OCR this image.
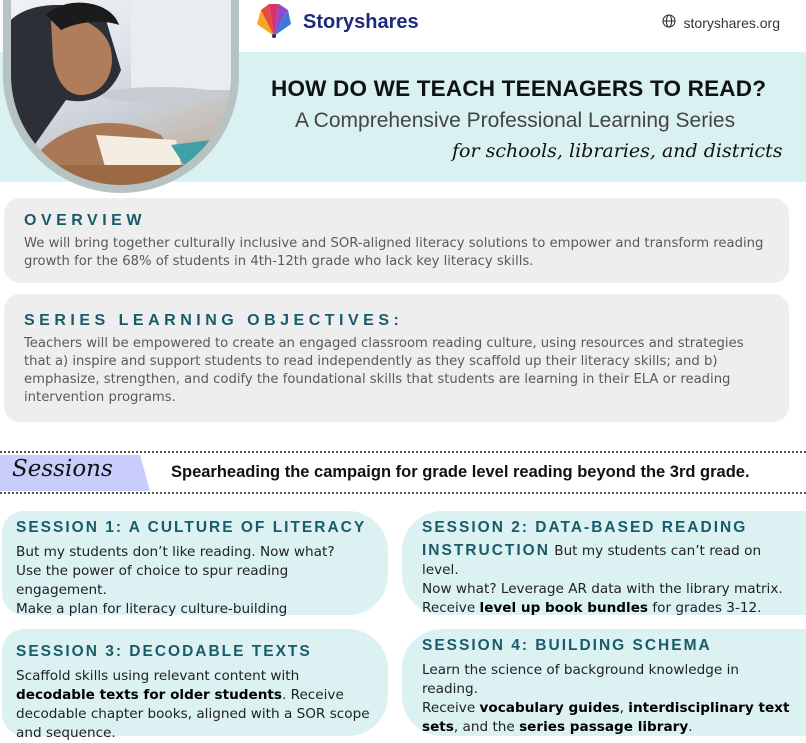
Storyshares	storyshares.org
HOW DO WE TEACH TEENAGERS TO READ?
A Comprehensive Professional Learning Series
for schools, libraries, and districts
OVERVIEW
We will bring together culturally inclusive and SOR-aligned literacy solutions to empower and transform reading growth for the 68% of students in 4th-12th grade who lack key literacy skills.
SERIES LEARNING OBJECTIVES:
Teachers will be empowered to create an engaged classroom reading culture, using resources and strategies that a) inspire and support students to read independently as they scaffold up their literacy skills; and b) emphasize, strengthen, and codify the foundational skills that students are learning in their ELA or reading intervention programs.
Sessions	Spearheading the campaign for grade level reading beyond the 3rd grade.
SESSION 1: A CULTURE OF LITERACY
But my students don’t like reading. Now what?
Use the power of choice to spur reading engagement.
Make a plan for literacy culture-building
SESSION 2: DATA-BASED READING
INSTRUCTION But my students can’t read on level.
Now what? Leverage AR data with the library matrix.
Receive level up book bundles for grades 3-12.
SESSION 3: DECODABLE TEXTS
Scaffold skills using relevant content with decodable texts for older students. Receive decodable chapter books, aligned with a SOR scope and sequence.
SESSION 4: BUILDING SCHEMA
Learn the science of background knowledge in reading.
Receive vocabulary guides, interdisciplinary text sets, and the series passage library.
